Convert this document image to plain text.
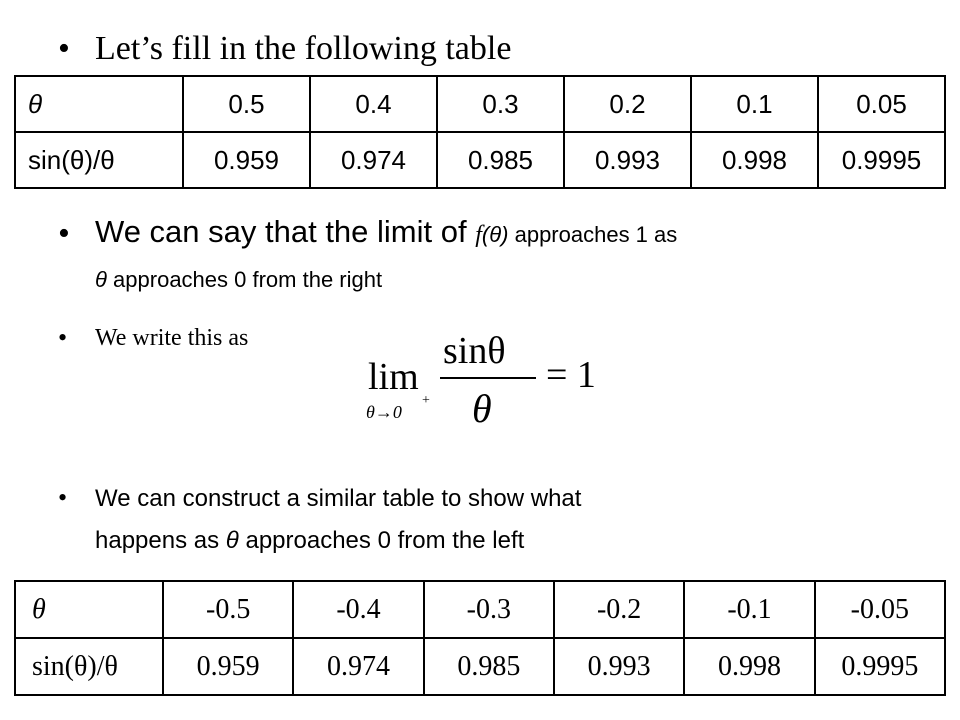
• Let’s fill in the following table
θ	0.5	0.4	0.3	0.2	0.1	0.05
sin(θ)/θ	0.959	0.974	0.985	0.993	0.998	0.9995
• We can say that the limit of f(θ) approaches 1 as
θ approaches 0 from the right
• We write this as
lim
θ→0
+
sinθ
θ
= 1
• We can construct a similar table to show what
happens as θ approaches 0 from the left
θ	-0.5	-0.4	-0.3	-0.2	-0.1	-0.05
sin(θ)/θ	0.959	0.974	0.985	0.993	0.998	0.9995
